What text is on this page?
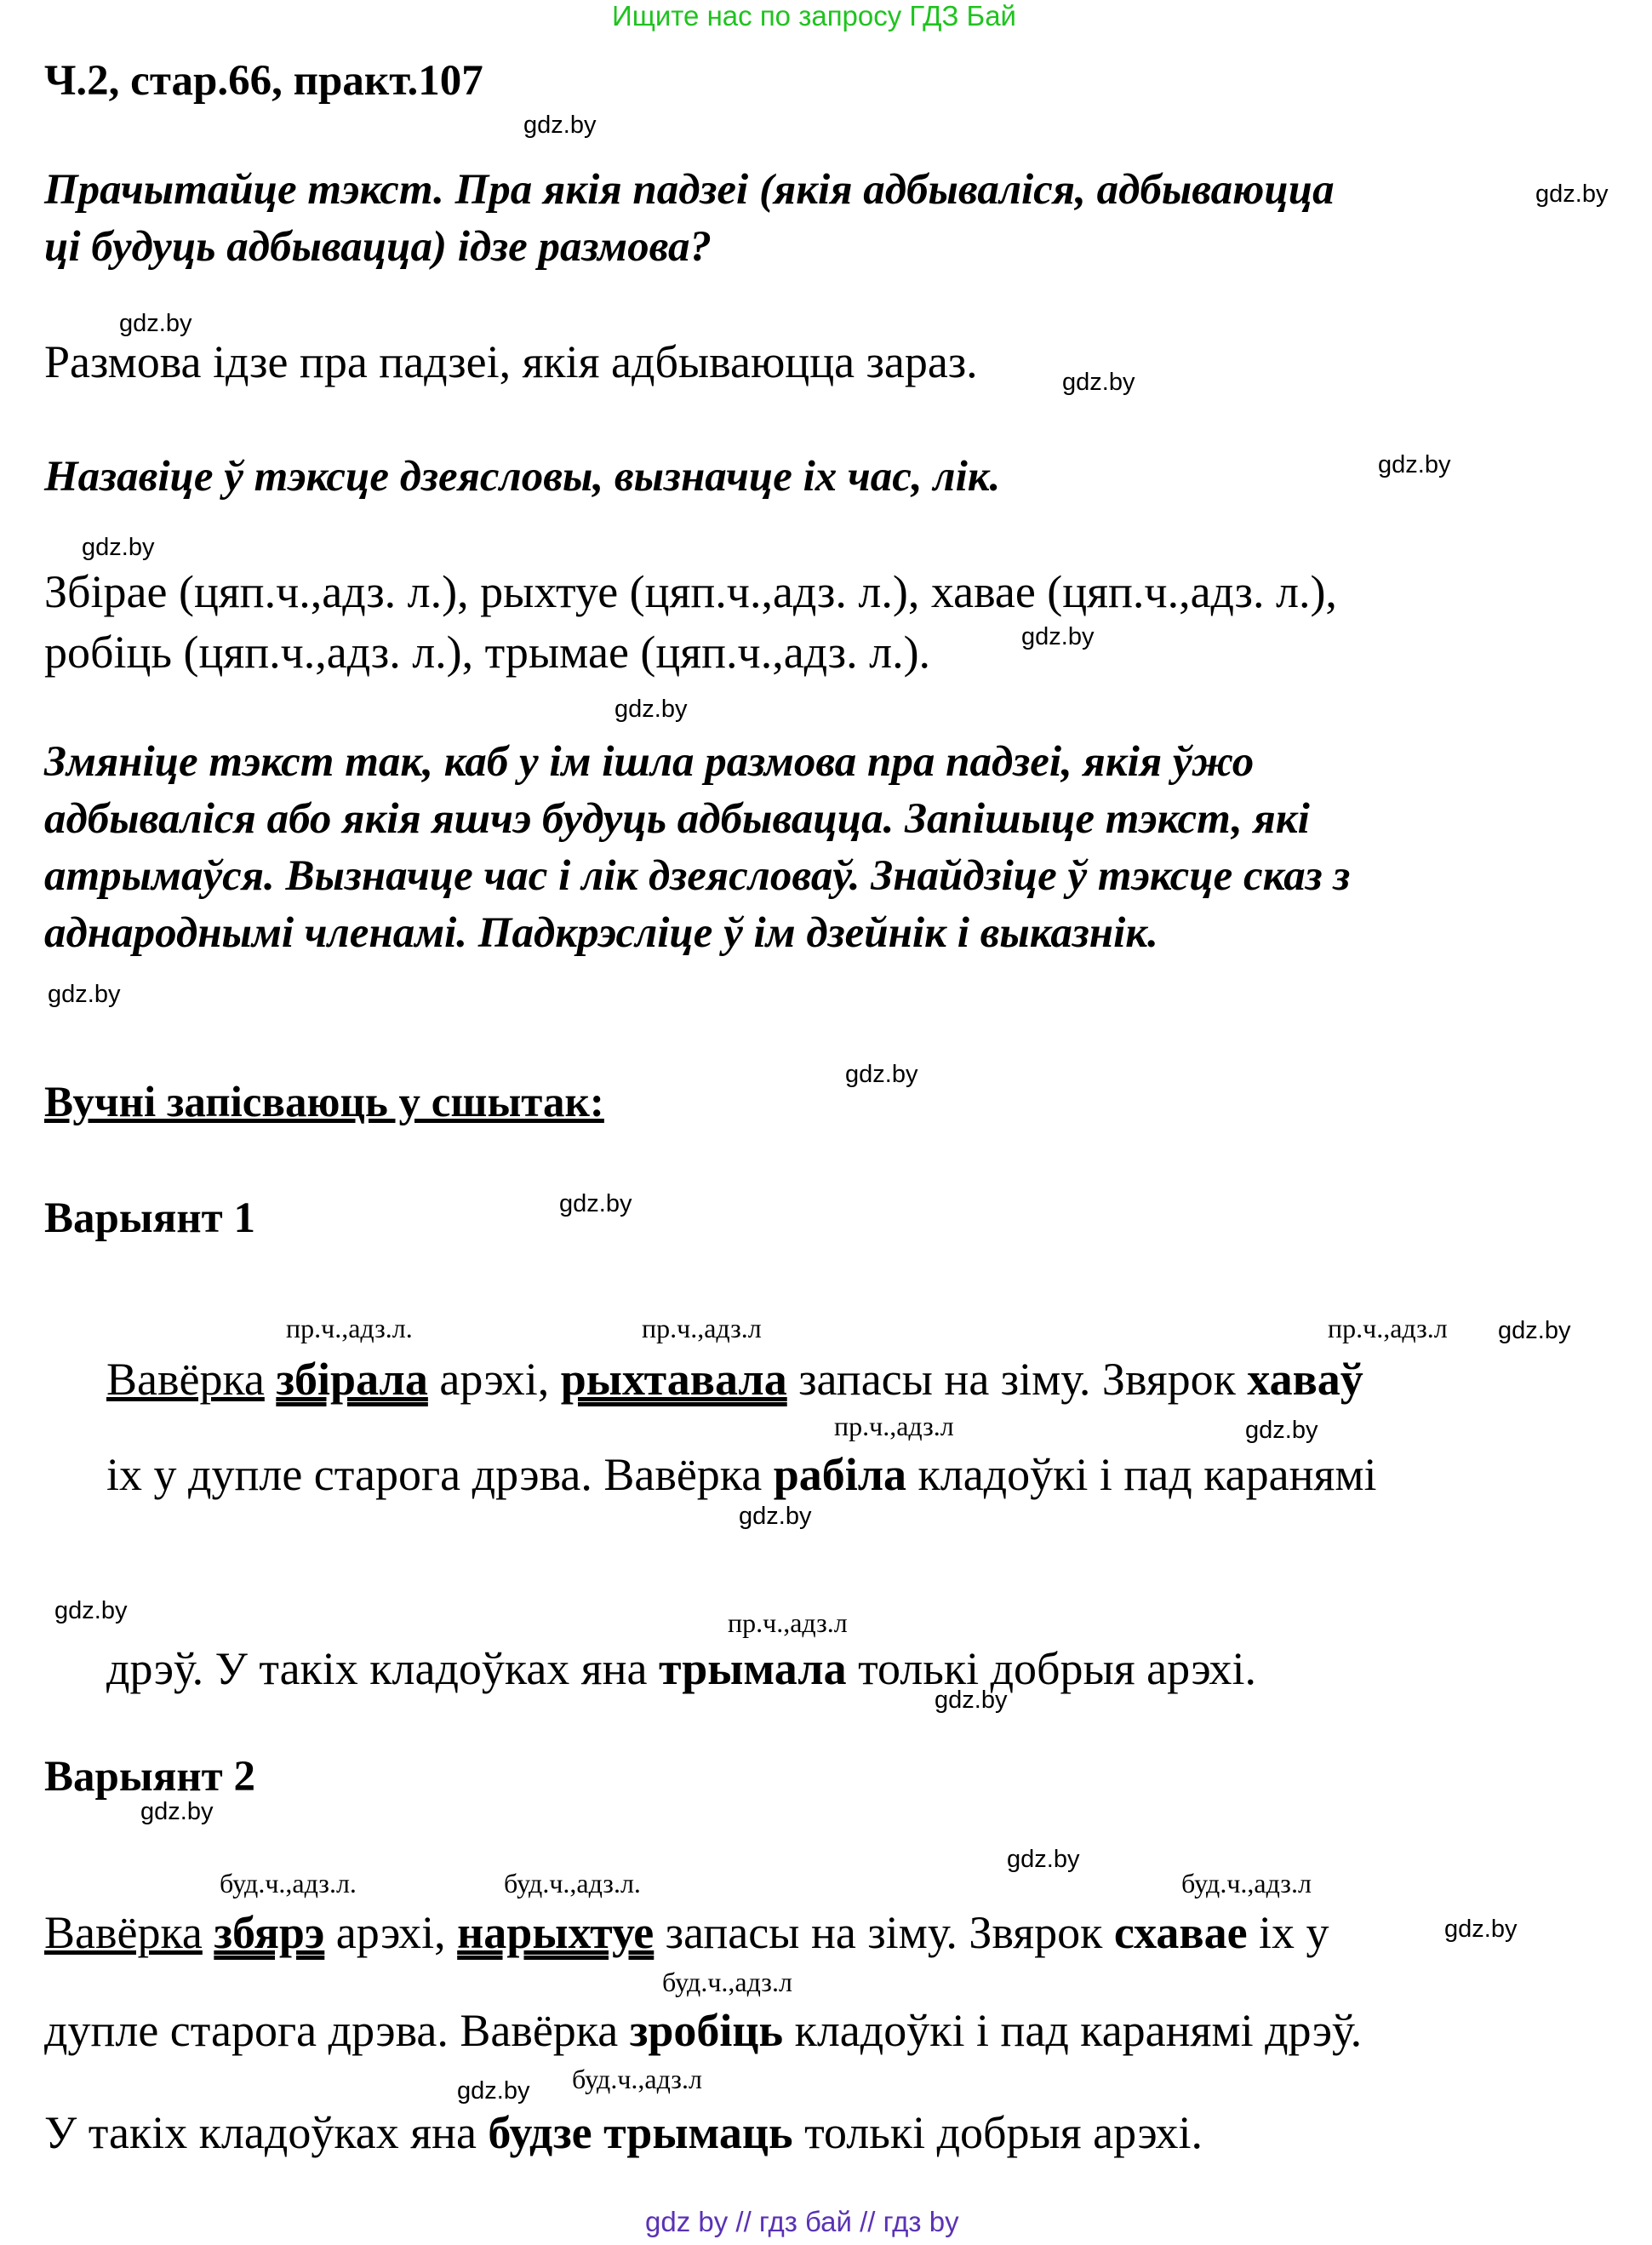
Ищите нас по запросу ГДЗ Бай
Ч.2, стар.66, практ.107
gdz.by
gdz.by
gdz.by
gdz.by
gdz.by
gdz.by
gdz.by
gdz.by
gdz.by
gdz.by
gdz.by
gdz.by
gdz.by
gdz.by
gdz.by
gdz.by
gdz.by
gdz.by
gdz.by
gdz.by
Прачытайце тэкст. Пра якія падзеі (якія адбываліся, адбываюцца
ці будуць адбывацца) ідзе размова?
Размова ідзе пра падзеі, якія адбываюцца зараз.
Назавіце ў тэксце дзеясловы, вызначце іх час, лік.
Збірае (цяп.ч.,адз. л.), рыхтуе (цяп.ч.,адз. л.), хавае (цяп.ч.,адз. л.),
робіць (цяп.ч.,адз. л.), трымае (цяп.ч.,адз. л.).
Змяніце тэкст так, каб у ім ішла размова пра падзеі, якія ўжо
адбываліся або якія яшчэ будуць адбывацца. Запішыце тэкст, які
атрымаўся. Вызначце час і лік дзеясловаў. Знайдзіце ў тэксце сказ з
аднароднымі членамі. Падкрэсліце ў ім дзейнік і выказнік.
Вучні запісваюць у сшытак:
Варыянт 1
пр.ч.,адз.л.	пр.ч.,адз.л	пр.ч.,адз.л
Вавёрка збірала арэхі, рыхтавала запасы на зіму. Звярок хаваў
пр.ч.,адз.л
іх у дупле старога дрэва. Вавёрка рабіла кладоўкі і пад каранямі
пр.ч.,адз.л
дрэў. У такіх кладоўках яна трымала толькі добрыя арэхі.
Варыянт 2
буд.ч.,адз.л.	буд.ч.,адз.л.	буд.ч.,адз.л
Вавёрка збярэ арэхі, нарыхтуе запасы на зіму. Звярок схавае іх у
буд.ч.,адз.л
дупле старога дрэва. Вавёрка зробіць кладоўкі і пад каранямі дрэў.
буд.ч.,адз.л
У такіх кладоўках яна будзе трымаць толькі добрыя арэхі.
gdz by // гдз бай // гдз by
